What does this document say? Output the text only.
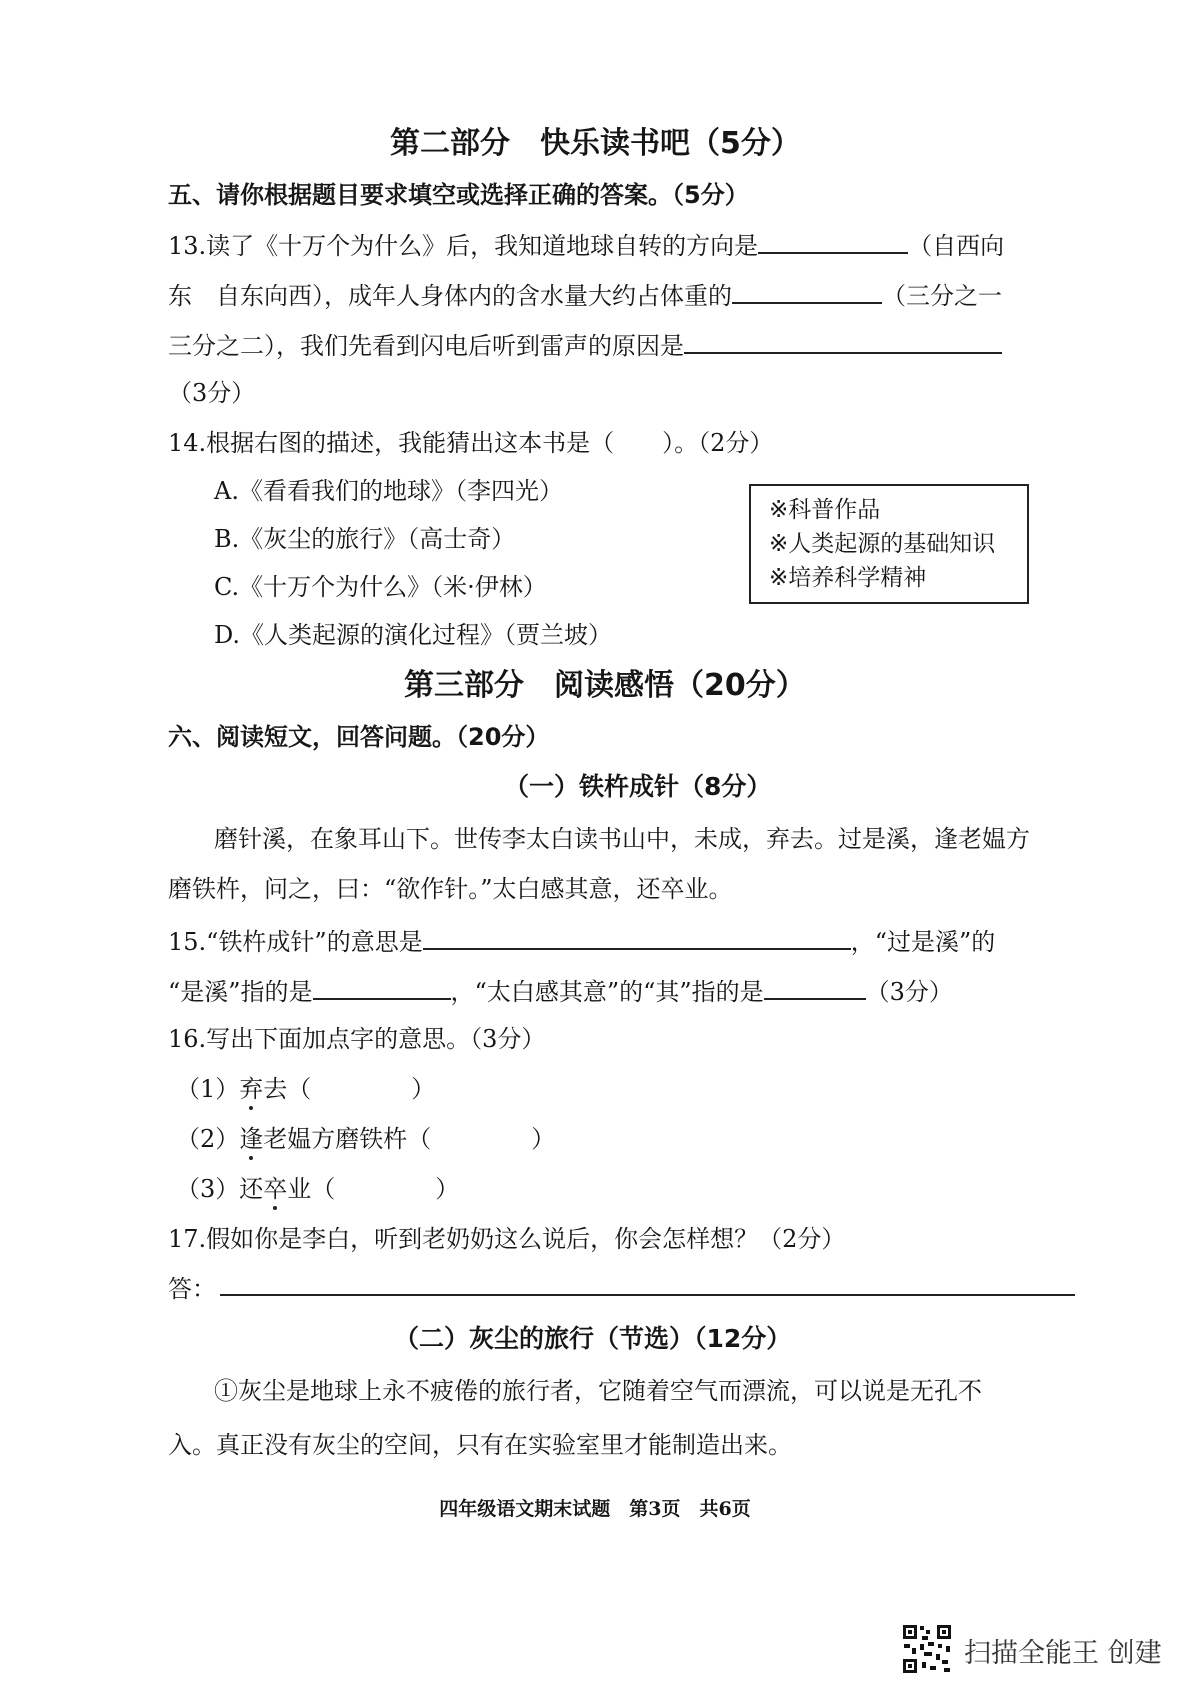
第二部分　快乐读书吧（5分）
五、请你根据题目要求填空或选择正确的答案。（5分）
13.读了《十万个为什么》后，我知道地球自转的方向是	（自西向
东　自东向西），成年人身体内的含水量大约占体重的	（三分之一
三分之二），我们先看到闪电后听到雷声的原因是
（3分）
14.根据右图的描述，我能猜出这本书是（　　）。（2分）
A.《看看我们的地球》（李四光）
B.《灰尘的旅行》（高士奇）
C.《十万个为什么》（米·伊林）
D.《人类起源的演化过程》（贾兰坡）
※科普作品
※人类起源的基础知识
※培养科学精神
第三部分　阅读感悟（20分）
六、阅读短文，回答问题。（20分）
（一）铁杵成针（8分）
磨针溪，在象耳山下。世传李太白读书山中，未成，弃去。过是溪，逢老媪方
磨铁杵，问之，曰：“欲作针。”太白感其意，还卒业。
15.“铁杵成针”的意思是	，“过是溪”的
“是溪”指的是	，“太白感其意”的“其”指的是	（3分）
16.写出下面加点字的意思。（3分）
（1）弃去（	）
（2）逢老媪方磨铁杵（	）
（3）还卒业（	）
17.假如你是李白，听到老奶奶这么说后，你会怎样想？（2分）
答：
（二）灰尘的旅行（节选）（12分）
①灰尘是地球上永不疲倦的旅行者，它随着空气而漂流，可以说是无孔不
入。真正没有灰尘的空间，只有在实验室里才能制造出来。
四年级语文期末试题　第3页　共6页
扫描全能王 创建
